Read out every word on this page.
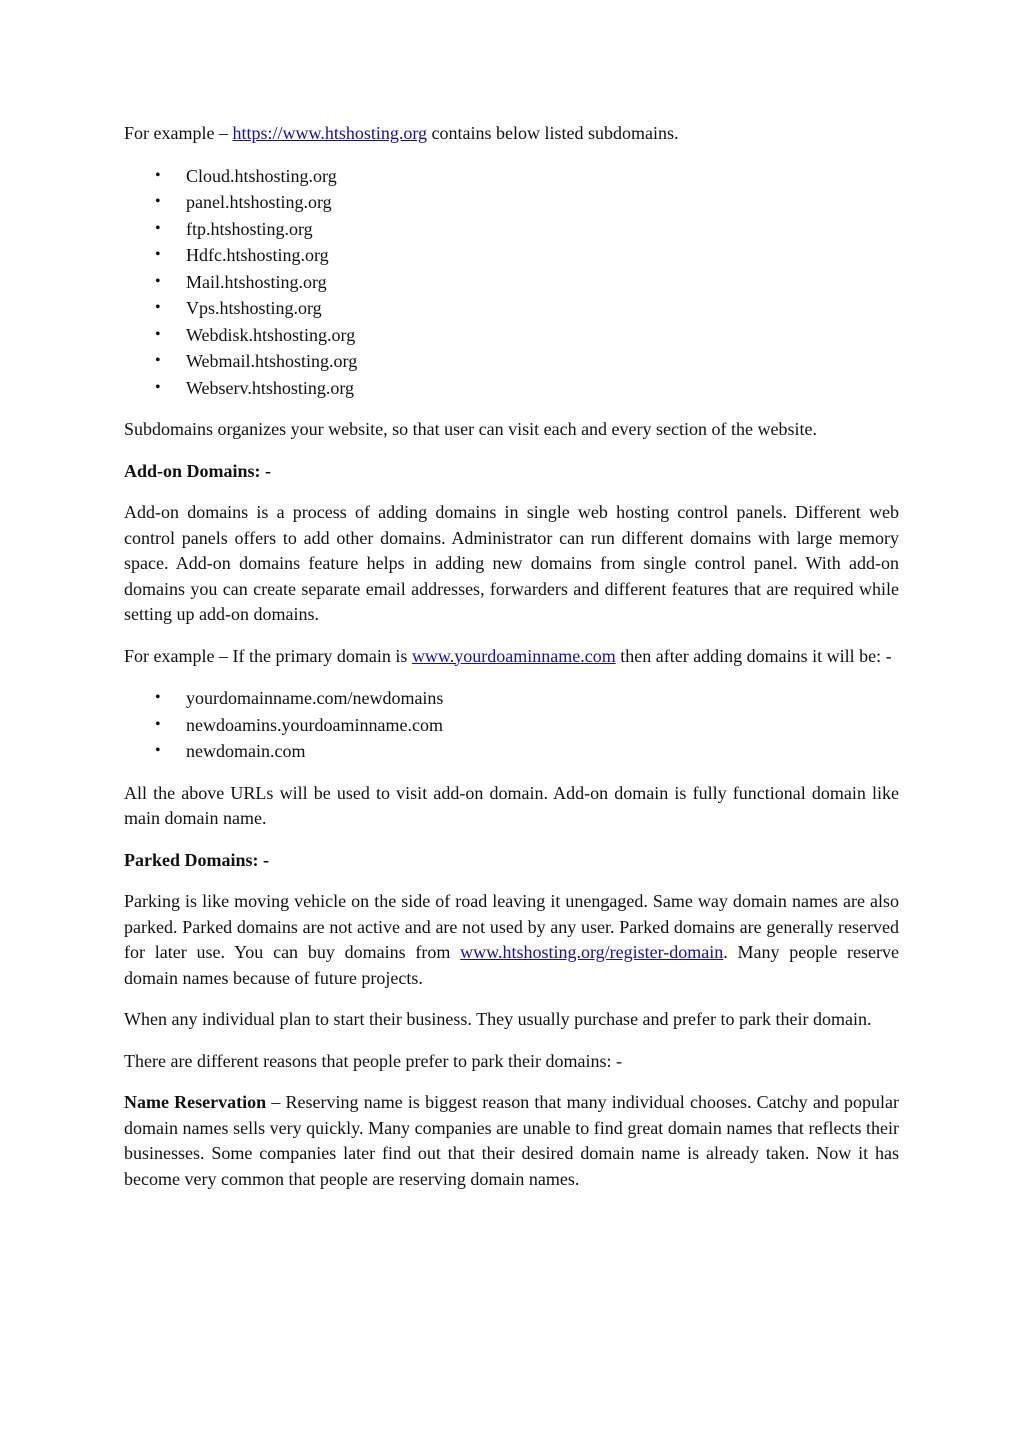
For example – https://www.htshosting.org contains below listed subdomains.

• Cloud.htshosting.org
• panel.htshosting.org
• ftp.htshosting.org
• Hdfc.htshosting.org
• Mail.htshosting.org
• Vps.htshosting.org
• Webdisk.htshosting.org
• Webmail.htshosting.org
• Webserv.htshosting.org

Subdomains organizes your website, so that user can visit each and every section of the website.

Add-on Domains: -

Add-on domains is a process of adding domains in single web hosting control panels. Different web control panels offers to add other domains. Administrator can run different domains with large memory space. Add-on domains feature helps in adding new domains from single control panel. With add-on domains you can create separate email addresses, forwarders and different features that are required while setting up add-on domains.

For example – If the primary domain is www.yourdoaminname.com then after adding domains it will be: -

• yourdomainname.com/newdomains
• newdoamins.yourdoaminname.com
• newdomain.com

All the above URLs will be used to visit add-on domain. Add-on domain is fully functional domain like main domain name.

Parked Domains: -

Parking is like moving vehicle on the side of road leaving it unengaged. Same way domain names are also parked. Parked domains are not active and are not used by any user. Parked domains are generally reserved for later use. You can buy domains from www.htshosting.org/register-domain. Many people reserve domain names because of future projects.

When any individual plan to start their business. They usually purchase and prefer to park their domain.

There are different reasons that people prefer to park their domains: -

Name Reservation – Reserving name is biggest reason that many individual chooses. Catchy and popular domain names sells very quickly. Many companies are unable to find great domain names that reflects their businesses. Some companies later find out that their desired domain name is already taken. Now it has become very common that people are reserving domain names.
